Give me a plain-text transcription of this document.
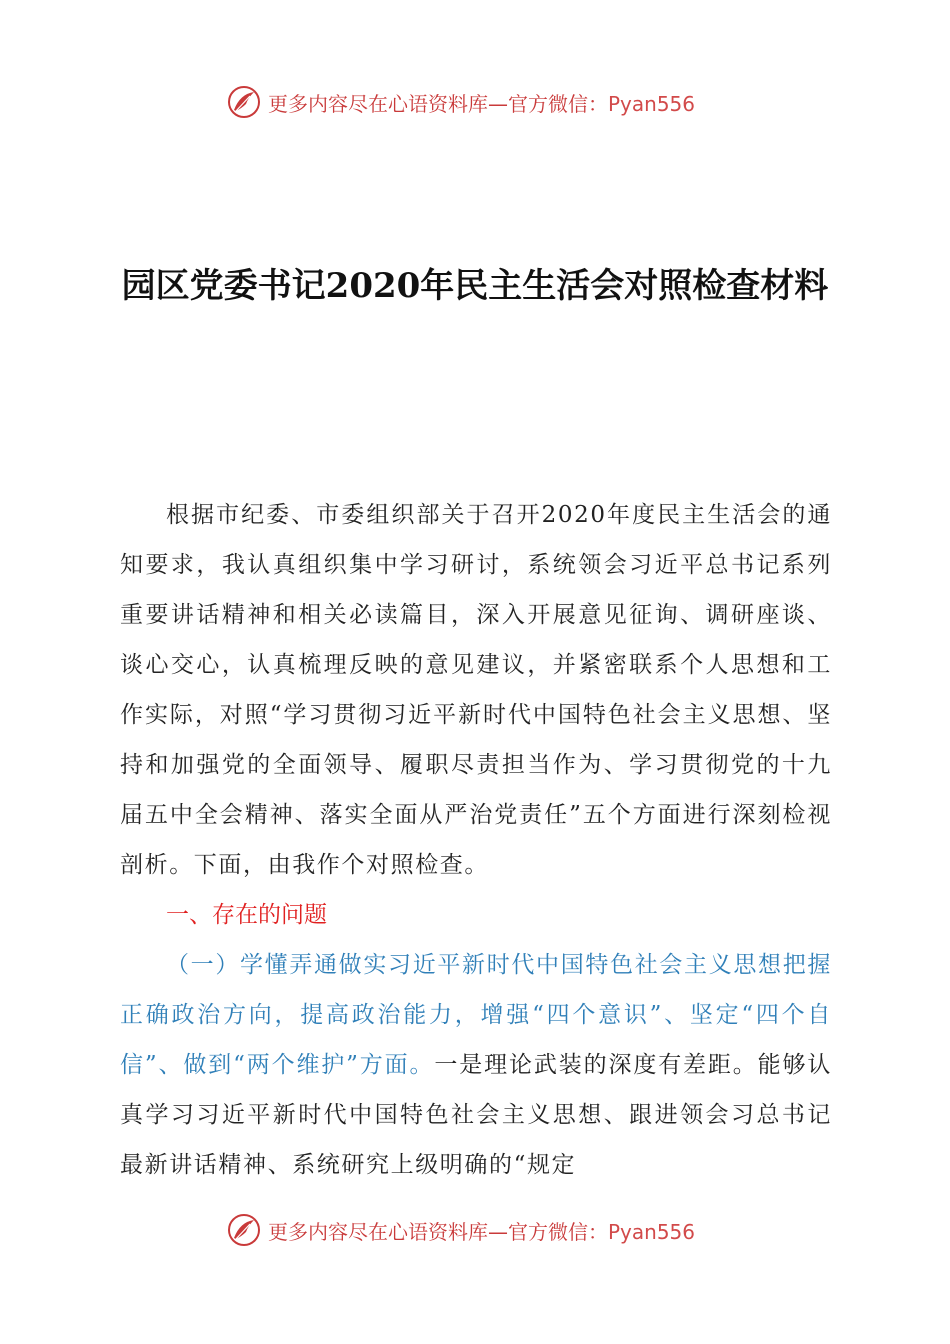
更多内容尽在心语资料库—官方微信：Pyan556
园区党委书记2020年民主生活会对照检查材料

根据市纪委、市委组织部关于召开2020年度民主生活会的通知要求，我认真组织集中学习研讨，系统领会习近平总书记系列重要讲话精神和相关必读篇目，深入开展意见征询、调研座谈、谈心交心，认真梳理反映的意见建议，并紧密联系个人思想和工作实际，对照“学习贯彻习近平新时代中国特色社会主义思想、坚持和加强党的全面领导、履职尽责担当作为、学习贯彻党的十九届五中全会精神、落实全面从严治党责任”五个方面进行深刻检视剖析。下面，由我作个对照检查。

一、存在的问题

（一）学懂弄通做实习近平新时代中国特色社会主义思想把握正确政治方向，提高政治能力，增强“四个意识”、坚定“四个自信”、做到“两个维护”方面。一是理论武装的深度有差距。能够认真学习习近平新时代中国特色社会主义思想、跟进领会习总书记最新讲话精神、系统研究上级明确的“规定

更多内容尽在心语资料库—官方微信：Pyan556
